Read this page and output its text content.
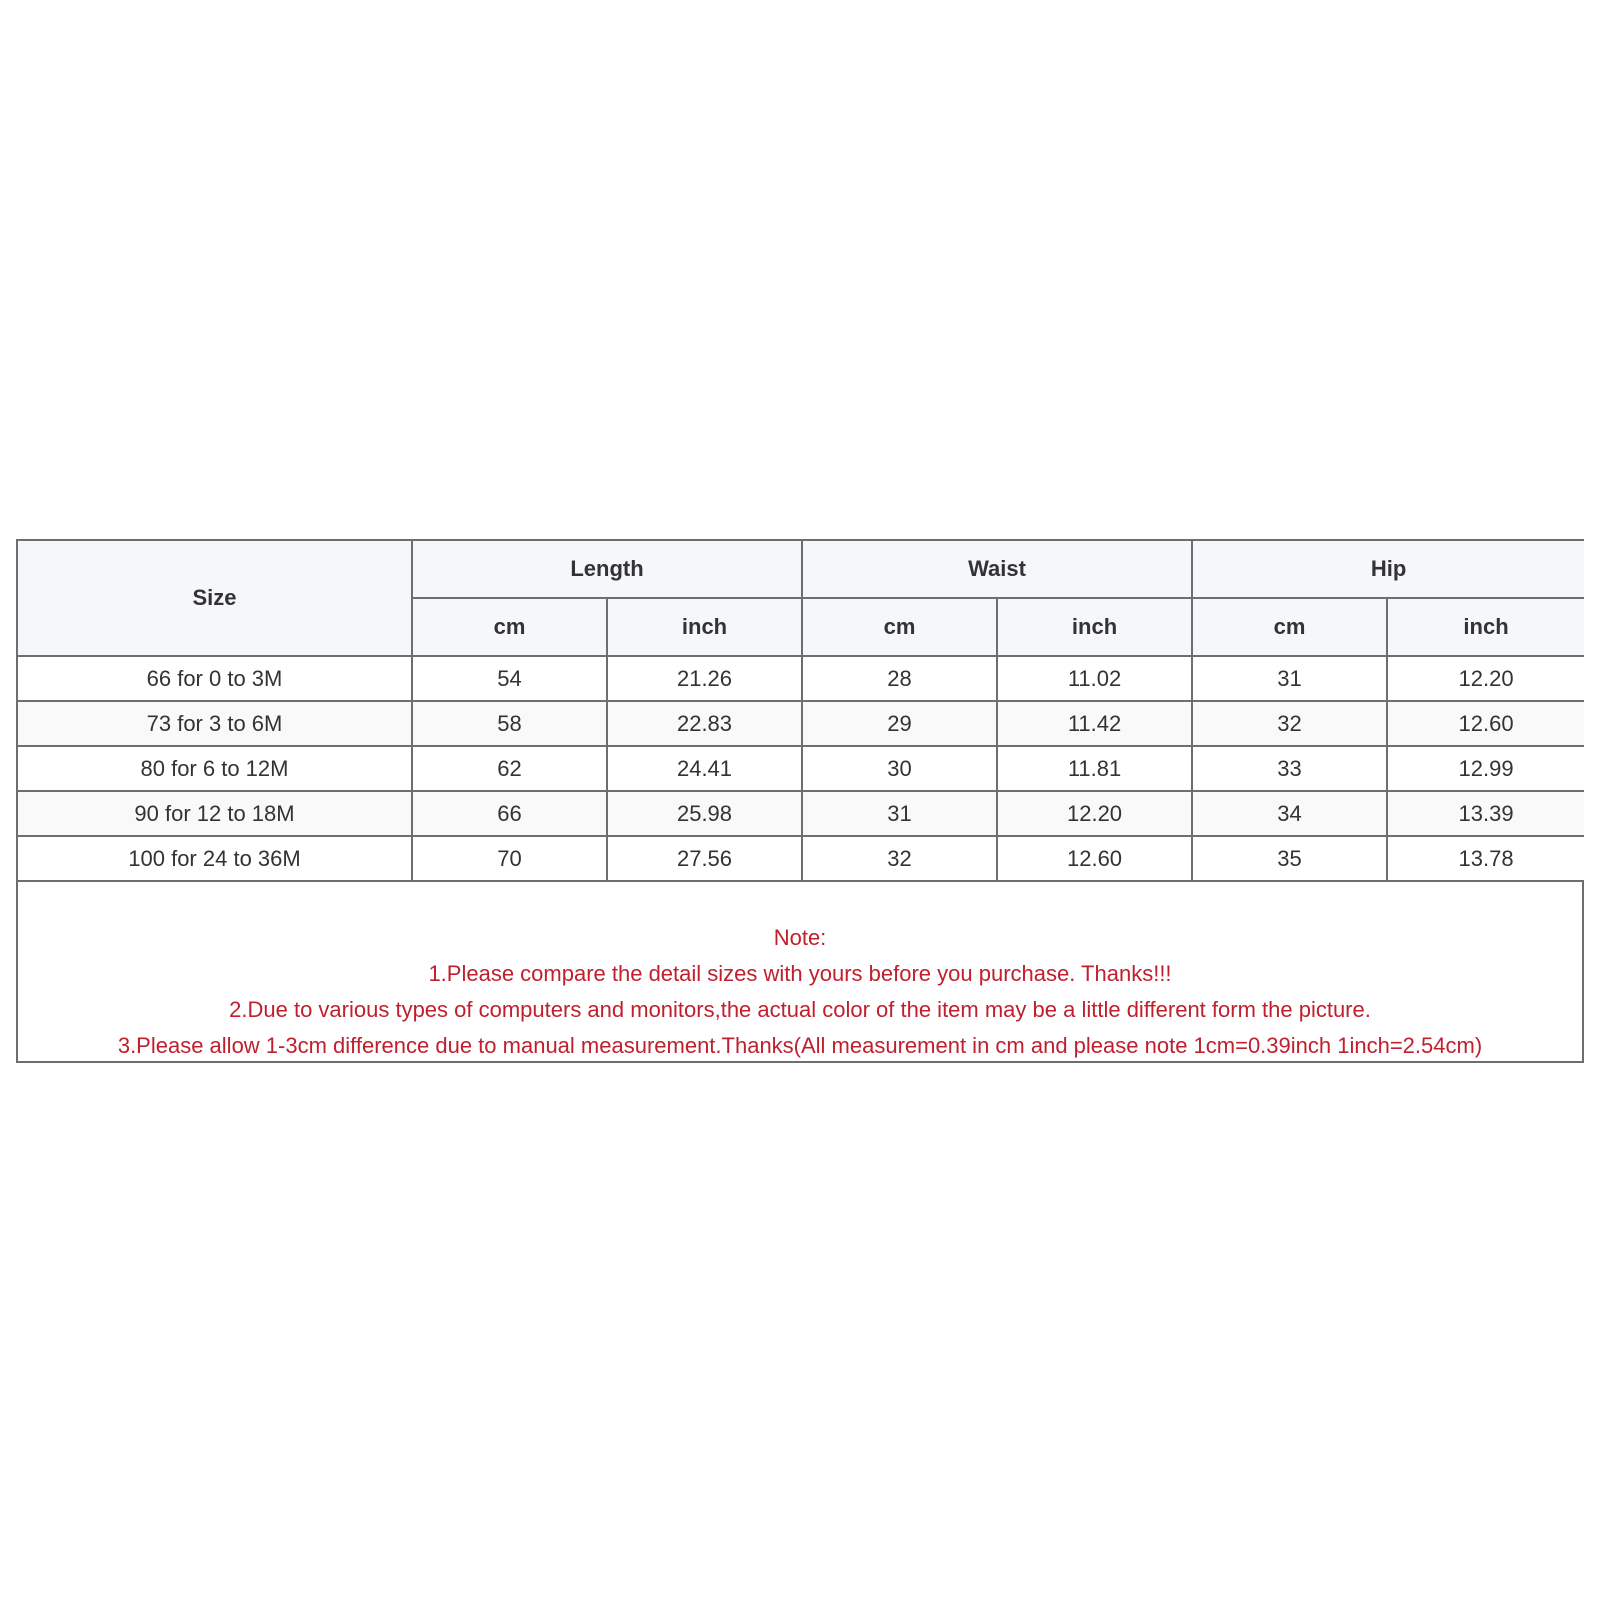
Size	Length		Waist		Hip	
	cm	inch	cm	inch	cm	inch
66 for 0 to 3M	54	21.26	28	11.02	31	12.20
73 for 3 to 6M	58	22.83	29	11.42	32	12.60
80 for 6 to 12M	62	24.41	30	11.81	33	12.99
90 for 12 to 18M	66	25.98	31	12.20	34	13.39
100 for 24 to 36M	70	27.56	32	12.60	35	13.78
Note:
1.Please compare the detail sizes with yours before you purchase. Thanks!!!
2.Due to various types of computers and monitors,the actual color of the item may be a little different form the picture.
3.Please allow 1-3cm difference due to manual measurement.Thanks(All measurement in cm and please note 1cm=0.39inch 1inch=2.54cm)
